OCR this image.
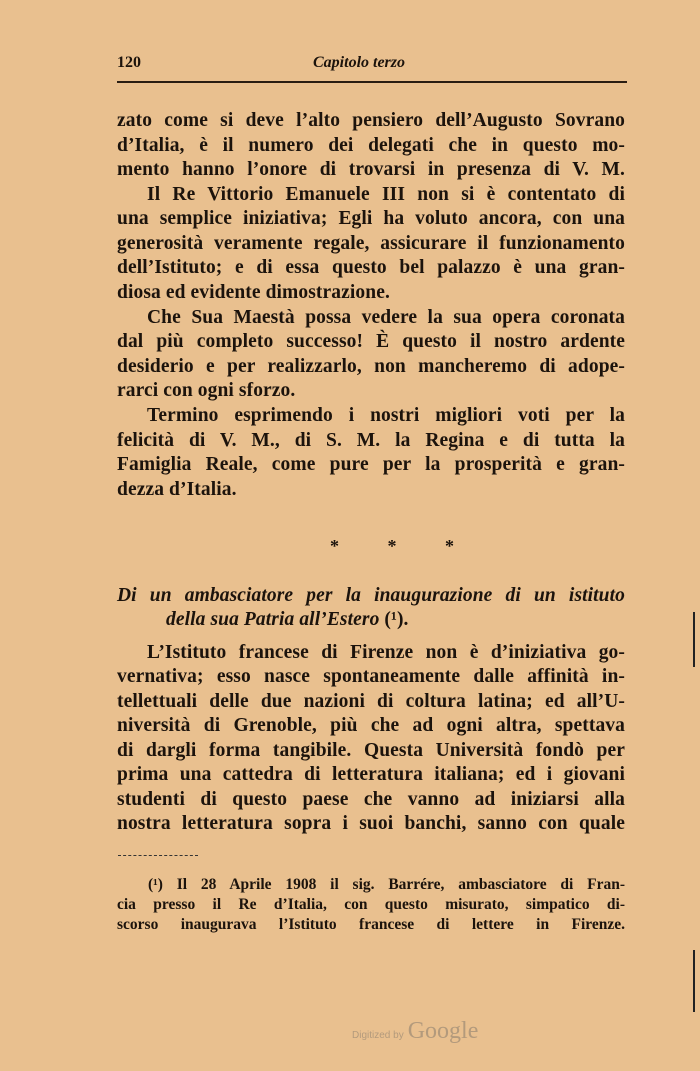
120	Capitolo terzo
zato come si deve l’alto pensiero dell’Augusto Sovrano
d’Italia, è il numero dei delegati che in questo mo-
mento hanno l’onore di trovarsi in presenza di V. M.
Il Re Vittorio Emanuele III non si è contentato di
una semplice iniziativa; Egli ha voluto ancora, con una
generosità veramente regale, assicurare il funzionamento
dell’Istituto; e di essa questo bel palazzo è una gran-
diosa ed evidente dimostrazione.
Che Sua Maestà possa vedere la sua opera coronata
dal più completo successo! È questo il nostro ardente
desiderio e per realizzarlo, non mancheremo di adope-
rarci con ogni sforzo.
Termino esprimendo i nostri migliori voti per la
felicità di V. M., di S. M. la Regina e di tutta la
Famiglia Reale, come pure per la prosperità e gran-
dezza d’Italia.
* * *
Di un ambasciatore per la inaugurazione di un istituto
della sua Patria all’Estero (¹).
L’Istituto francese di Firenze non è d’iniziativa go-
vernativa; esso nasce spontaneamente dalle affinità in-
tellettuali delle due nazioni di coltura latina; ed all’U-
niversità di Grenoble, più che ad ogni altra, spettava
di dargli forma tangibile. Questa Università fondò per
prima una cattedra di letteratura italiana; ed i giovani
studenti di questo paese che vanno ad iniziarsi alla
nostra letteratura sopra i suoi banchi, sanno con quale
(¹) Il 28 Aprile 1908 il sig. Barrére, ambasciatore di Fran-
cia presso il Re d’Italia, con questo misurato, simpatico di-
scorso inaugurava l’Istituto francese di lettere in Firenze.
Digitized by Google
